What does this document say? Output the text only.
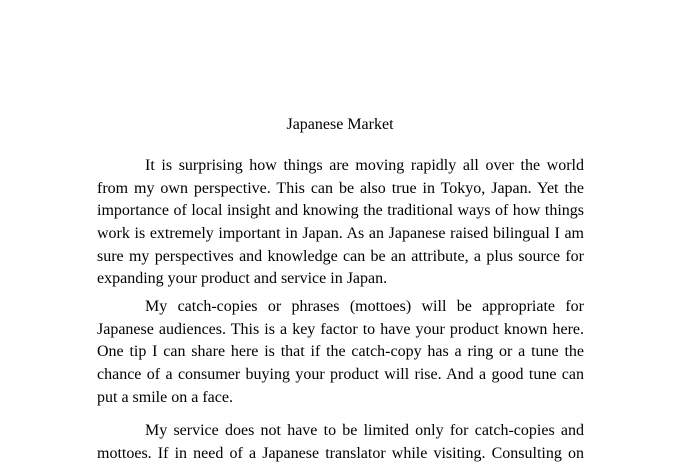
Japanese Market
It is surprising how things are moving rapidly all over the world
from my own perspective. This can be also true in Tokyo, Japan. Yet the
importance of local insight and knowing the traditional ways of how things
work is extremely important in Japan. As an Japanese raised bilingual I am
sure my perspectives and knowledge can be an attribute, a plus source for
expanding your product and service in Japan.
My catch-copies or phrases (mottoes) will be appropriate for
Japanese audiences. This is a key factor to have your product known here.
One tip I can share here is that if the catch-copy has a ring or a tune the
chance of a consumer buying your product will rise. And a good tune can
put a smile on a face.
My service does not have to be limited only for catch-copies and
mottoes. If in need of a Japanese translator while visiting. Consulting on
